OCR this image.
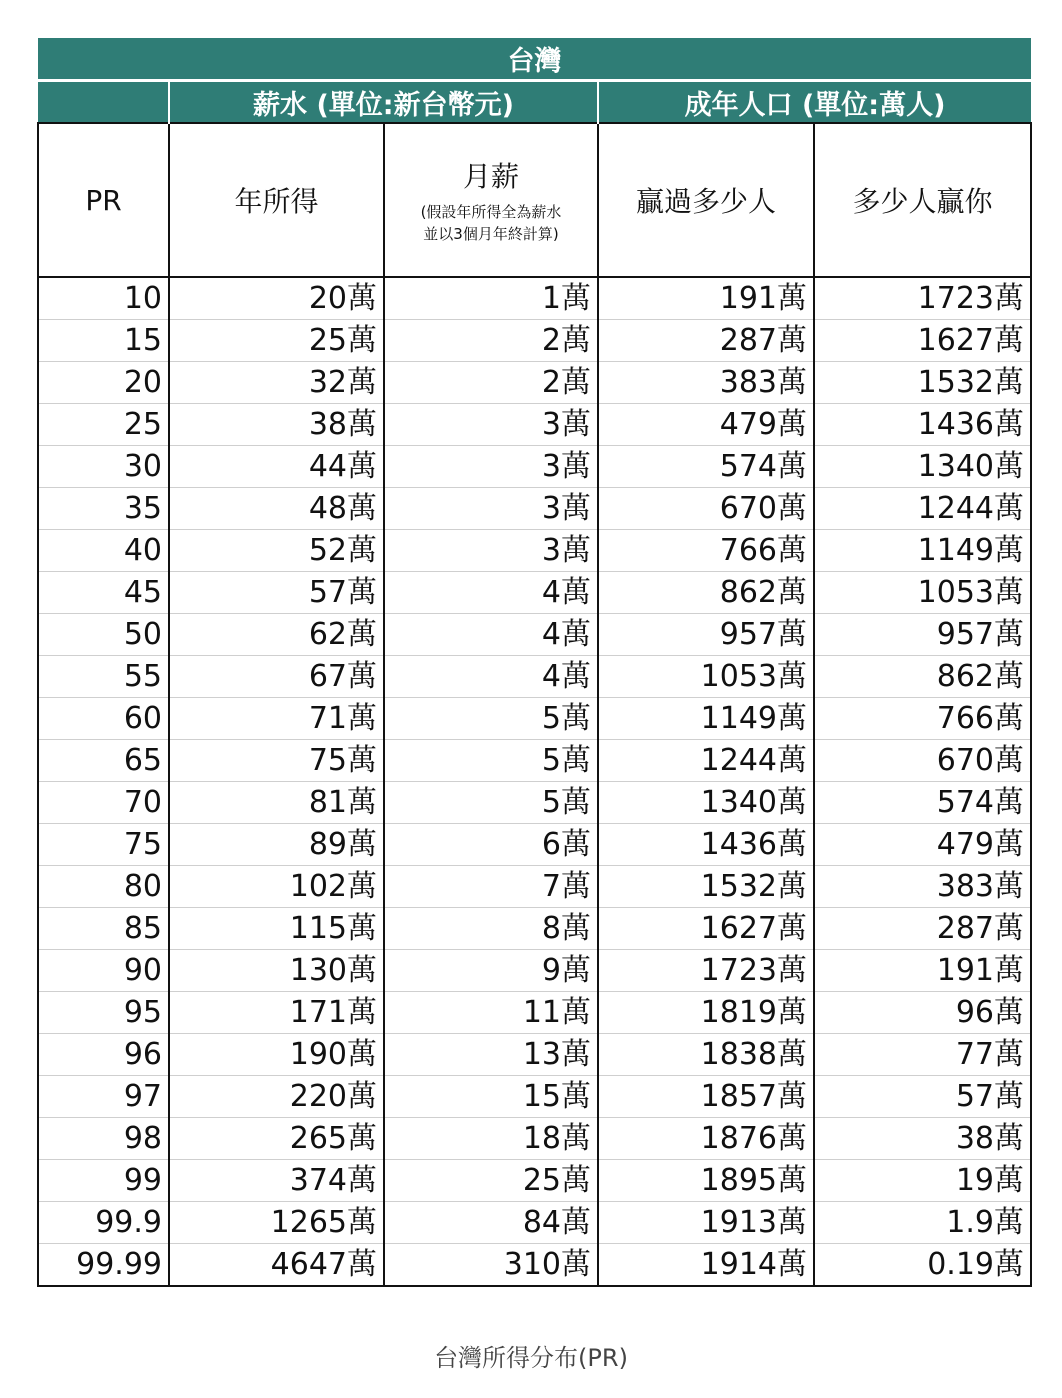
台灣				
	薪水 (單位:新台幣元)		成年人口 (單位:萬人)	
PR	年所得	月薪
(假設年所得全為薪水
並以3個月年終計算)	贏過多少人	多少人贏你
10	20萬	1萬	191萬	1723萬
15	25萬	2萬	287萬	1627萬
20	32萬	2萬	383萬	1532萬
25	38萬	3萬	479萬	1436萬
30	44萬	3萬	574萬	1340萬
35	48萬	3萬	670萬	1244萬
40	52萬	3萬	766萬	1149萬
45	57萬	4萬	862萬	1053萬
50	62萬	4萬	957萬	957萬
55	67萬	4萬	1053萬	862萬
60	71萬	5萬	1149萬	766萬
65	75萬	5萬	1244萬	670萬
70	81萬	5萬	1340萬	574萬
75	89萬	6萬	1436萬	479萬
80	102萬	7萬	1532萬	383萬
85	115萬	8萬	1627萬	287萬
90	130萬	9萬	1723萬	191萬
95	171萬	11萬	1819萬	96萬
96	190萬	13萬	1838萬	77萬
97	220萬	15萬	1857萬	57萬
98	265萬	18萬	1876萬	38萬
99	374萬	25萬	1895萬	19萬
99.9	1265萬	84萬	1913萬	1.9萬
99.99	4647萬	310萬	1914萬	0.19萬
台灣所得分布(PR)
